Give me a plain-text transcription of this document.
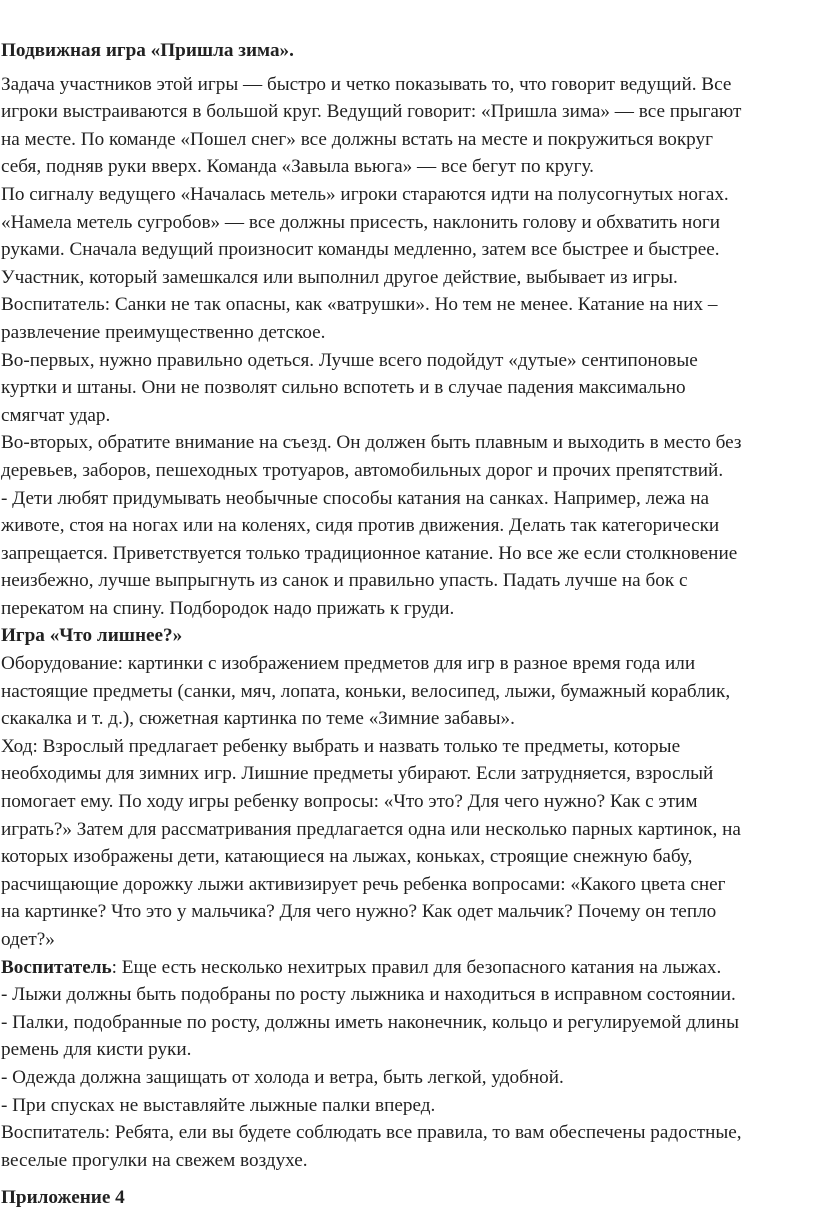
Подвижная игра «Пришла зима».
Задача участников этой игры — быстро и четко показывать то, что говорит ведущий. Все
игроки выстраиваются в большой круг. Ведущий говорит: «Пришла зима» — все прыгают
на месте. По команде «Пошел снег» все должны встать на месте и покружиться вокруг
себя, подняв руки вверх. Команда «Завыла вьюга» — все бегут по кругу.
По сигналу ведущего «Началась метель» игроки стараются идти на полусогнутых ногах.
«Намела метель сугробов» — все должны присесть, наклонить голову и обхватить ноги
руками. Сначала ведущий произносит команды медленно, затем все быстрее и быстрее.
Участник, который замешкался или выполнил другое действие, выбывает из игры.
Воспитатель: Санки не так опасны, как «ватрушки». Но тем не менее. Катание на них –
развлечение преимущественно детское.
Во-первых, нужно правильно одеться. Лучше всего подойдут «дутые» сентипоновые
куртки и штаны. Они не позволят сильно вспотеть и в случае падения максимально
смягчат удар.
Во-вторых, обратите внимание на съезд. Он должен быть плавным и выходить в место без
деревьев, заборов, пешеходных тротуаров, автомобильных дорог и прочих препятствий.
- Дети любят придумывать необычные способы катания на санках. Например, лежа на
животе, стоя на ногах или на коленях, сидя против движения. Делать так категорически
запрещается. Приветствуется только традиционное катание. Но все же если столкновение
неизбежно, лучше выпрыгнуть из санок и правильно упасть. Падать лучше на бок с
перекатом на спину. Подбородок надо прижать к груди.
Игра «Что лишнее?»
Оборудование: картинки с изображением предметов для игр в разное время года или
настоящие предметы (санки, мяч, лопата, коньки, велосипед, лыжи, бумажный кораблик,
скакалка и т. д.), сюжетная картинка по теме «Зимние забавы».
Ход: Взрослый предлагает ребенку выбрать и назвать только те предметы, которые
необходимы для зимних игр. Лишние предметы убирают. Если затрудняется, взрослый
помогает ему. По ходу игры ребенку вопросы: «Что это? Для чего нужно? Как с этим
играть?» Затем для рассматривания предлагается одна или несколько парных картинок, на
которых изображены дети, катающиеся на лыжах, коньках, строящие снежную бабу,
расчищающие дорожку лыжи активизирует речь ребенка вопросами: «Какого цвета снег
на картинке? Что это у мальчика? Для чего нужно? Как одет мальчик? Почему он тепло
одет?»
Воспитатель: Еще есть несколько нехитрых правил для безопасного катания на лыжах.
- Лыжи должны быть подобраны по росту лыжника и находиться в исправном состоянии.
- Палки, подобранные по росту, должны иметь наконечник, кольцо и регулируемой длины
ремень для кисти руки.
- Одежда должна защищать от холода и ветра, быть легкой, удобной.
- При спусках не выставляйте лыжные палки вперед.
Воспитатель: Ребята, ели вы будете соблюдать все правила, то вам обеспечены радостные,
веселые прогулки на свежем воздухе.
Приложение 4
